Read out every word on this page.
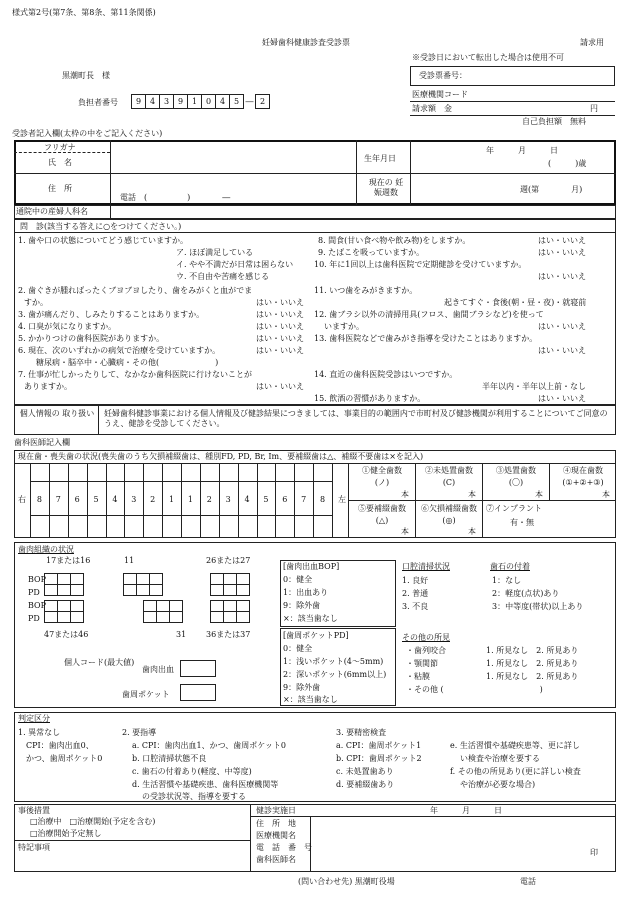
様式第2号(第7条、第8条、第11条関係)
妊婦歯科健康診査受診票	請求用
※受診日において転出した場合は使用不可
黒潮町長　様	受診票番号：
負担者番号	9 4 3 9 1 0 4 5 ― 2
医療機関コード
請求額　金	円
自己負担額　無料
受診者記入欄(太枠の中をご記入ください)
フリガナ
氏　名	生年月日
年　　　月　　　日
(　　　)歳
住　所
電話　(　　　　　)　　　　―
現在の 妊娠週数	週(第　　　　月)
通院中の産婦人科名
問　診(該当する答えに○をつけてください。)
1. 歯や口の状態についてどう感じていますか。
ア. ほぼ満足している
イ. やや不満だが日常は困らない
ウ. 不自由や苦痛を感じる
2. 歯ぐきが腫ればったくブヨブヨしたり、歯をみがくと血がでま
すか。	はい・いいえ
3. 歯が痛んだり、しみたりすることはありますか。	はい・いいえ
4. 口臭が気になりますか。	はい・いいえ
5. かかりつけの歯科医院がありますか。	はい・いいえ
6. 現在、次のいずれかの病気で治療を受けていますか。	はい・いいえ
糖尿病・脳卒中・心臓病・その他(　　　　　　　)
7. 仕事が忙しかったりして、なかなか歯科医院に行けないことが
ありますか。	はい・いいえ
8. 間食(甘い食べ物や飲み物)をしますか。	はい・いいえ
9. たばこを吸っていますか。	はい・いいえ
10. 年に1回以上は歯科医院で定期健診を受けていますか。
はい・いいえ
11. いつ歯をみがきますか。
起きてすぐ・食後(朝・昼・夜)・就寝前
12. 歯ブラシ以外の清掃用具(フロス、歯間ブラシなど)を使って
いますか。	はい・いいえ
13. 歯科医院などで歯みがき指導を受けたことはありますか。
はい・いいえ
14. 直近の歯科医院受診はいつですか。
半年以内・半年以上前・なし
15. 飲酒の習慣がありますか。	はい・いいえ
個人情報の 取り扱い 妊婦歯科健診事業における個人情報及び健診結果につきましては、事業目的の範囲内で市町村及び健診機関が利用することについてご同意のうえ、健診を受診してください。
歯科医師記入欄
現在歯・喪失歯の状況(喪失歯のうち欠損補綴歯は、種別FD, PD, Br, Im、要補綴歯は△、補綴不要歯は×を記入)
右	左
8	7	6	5	4	3	2	1	1	2	3	4	5	6	7	8
①健全歯数
(ノ)
本
②未処置歯数
(C)
本
③処置歯数
(〇)
本
④現在歯数
(①+②+③)
本
⑤要補綴歯数
(△)
本
⑥欠損補綴歯数
(◎)
本
⑦インプラント
有・無
歯肉組織の状況
17または16	11	26または27
BOP
PD
BOP
PD

47または46	31 36または37
個人コード(最大値)
歯肉出血
歯周ポケット
[歯肉出血BOP]
0：健全
1：出血あり
9：除外歯
×：該当歯なし
[歯周ポケットPD]
0：健全
1：浅いポケット(4～5mm)
2：深いポケット(6mm以上)
9：除外歯
×：該当歯なし
口腔清掃状況
1. 良好
2. 普通
3. 不良
歯石の付着
1：なし
2：軽度(点状)あり
3：中等度(帯状)以上あり
その他の所見
・歯列咬合	1. 所見なし　2. 所見あり
・顎関節	1. 所見なし　2. 所見あり
・粘膜	1. 所見なし　2. 所見あり
・その他 (　　　　　　　　　　　　)
判定区分
1. 異常なし
CPI：歯肉出血0、
かつ、歯周ポケット0
2. 要指導
a. CPI：歯肉出血1、かつ、歯周ポケット0
b. 口腔清掃状態不良
c. 歯石の付着あり(軽度、中等度)
d. 生活習慣や基礎疾患、歯科医療機関等
の受診状況等、指導を要する
3. 要精密検査
a. CPI：歯周ポケット1
b. CPI：歯周ポケット2
c. 未処置歯あり
d. 要補綴歯あり
e. 生活習慣や基礎疾患等、更に詳し
い検査や治療を要する
f. その他の所見あり(更に詳しい検査
や治療が必要な場合)
事後措置
□治療中　□治療開始(予定を含む)
□治療開始予定無し
特記事項
健診実施日	年　　　月　　　日
住　所　地
医療機関名
電　話　番　号
歯科医師名
印
(問い合わせ先) 黒潮町役場	電話
